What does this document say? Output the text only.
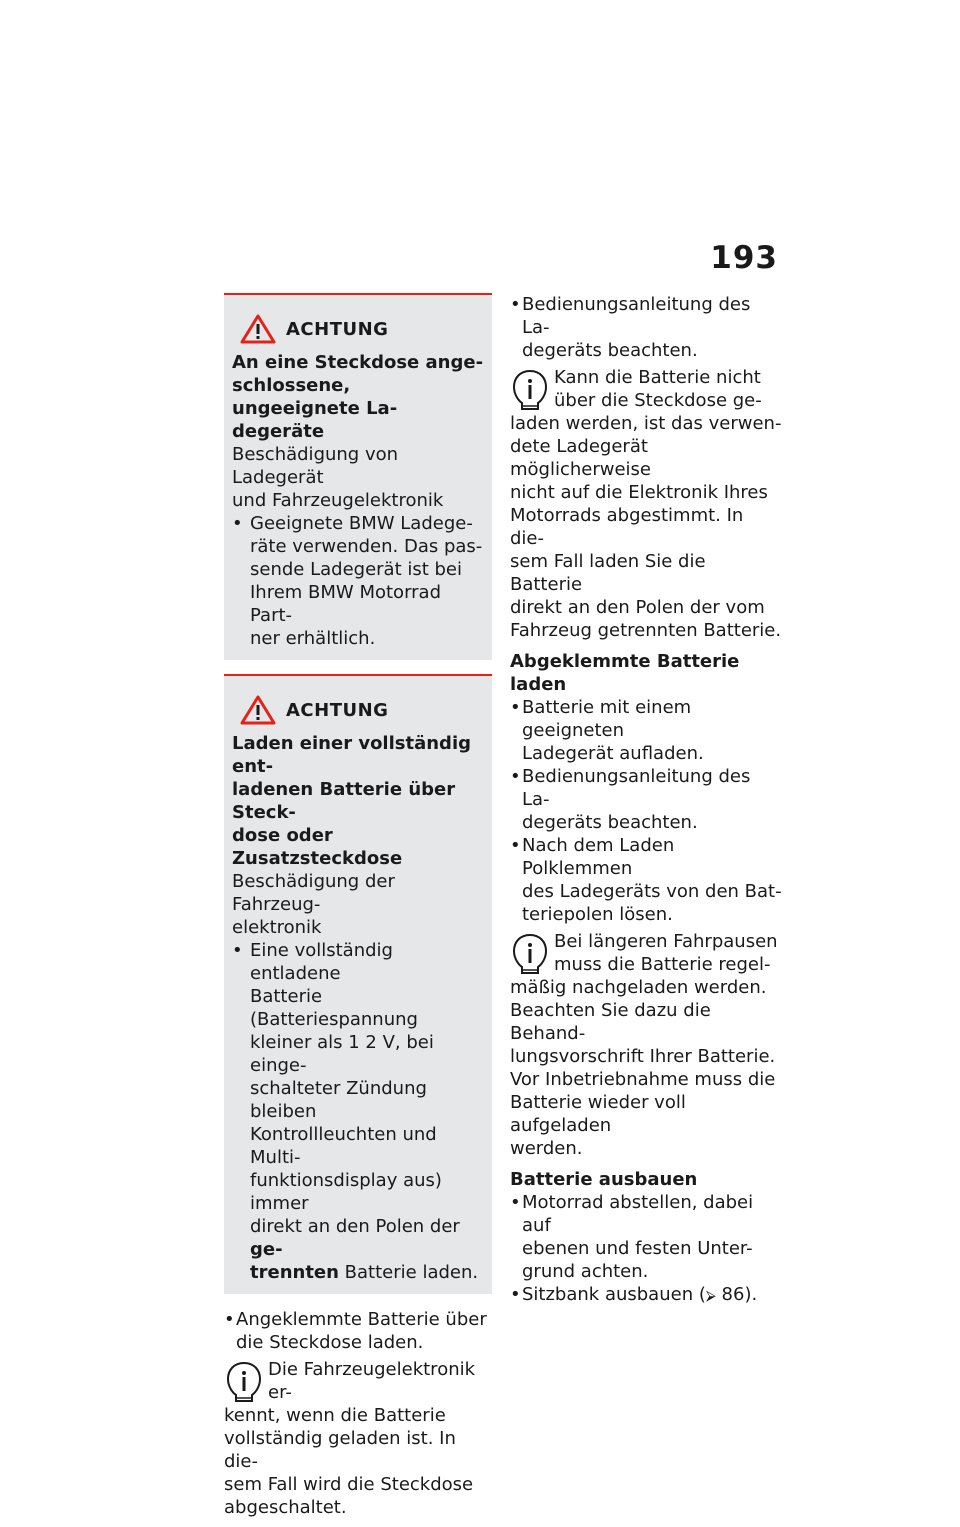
193
ACHTUNG
An eine Steckdose ange-
schlossene, ungeeignete La-
degeräte
Beschädigung von Ladegerät
und Fahrzeugelektronik
• Geeignete BMW Ladege-
räte verwenden. Das pas-
sende Ladegerät ist bei
Ihrem BMW Motorrad Part-
ner erhältlich.
ACHTUNG
Laden einer vollständig ent-
ladenen Batterie über Steck-
dose oder Zusatzsteckdose
Beschädigung der Fahrzeug-
elektronik
• Eine vollständig entladene
Batterie (Batteriespannung
kleiner als 1 2 V, bei einge-
schalteter Zündung bleiben
Kontrollleuchten und Multi-
funktionsdisplay aus) immer
direkt an den Polen der ge-
trennten Batterie laden.
• Angeklemmte Batterie über
die Steckdose laden.
Die Fahrzeugelektronik er-
kennt, wenn die Batterie
vollständig geladen ist. In die-
sem Fall wird die Steckdose
abgeschaltet.
• Bedienungsanleitung des La-
degeräts beachten.
Kann die Batterie nicht
über die Steckdose ge-
laden werden, ist das verwen-
dete Ladegerät möglicherweise
nicht auf die Elektronik Ihres
Motorrads abgestimmt. In die-
sem Fall laden Sie die Batterie
direkt an den Polen der vom
Fahrzeug getrennten Batterie.
Abgeklemmte Batterie laden
• Batterie mit einem geeigneten
Ladegerät aufladen.
• Bedienungsanleitung des La-
degeräts beachten.
• Nach dem Laden Polklemmen
des Ladegeräts von den Bat-
teriepolen lösen.
Bei längeren Fahrpausen
muss die Batterie regel-
mäßig nachgeladen werden.
Beachten Sie dazu die Behand-
lungsvorschrift Ihrer Batterie.
Vor Inbetriebnahme muss die
Batterie wieder voll aufgeladen
werden.
Batterie ausbauen
• Motorrad abstellen, dabei auf
ebenen und festen Unter-
grund achten.
• Sitzbank ausbauen (⮚ 86).
